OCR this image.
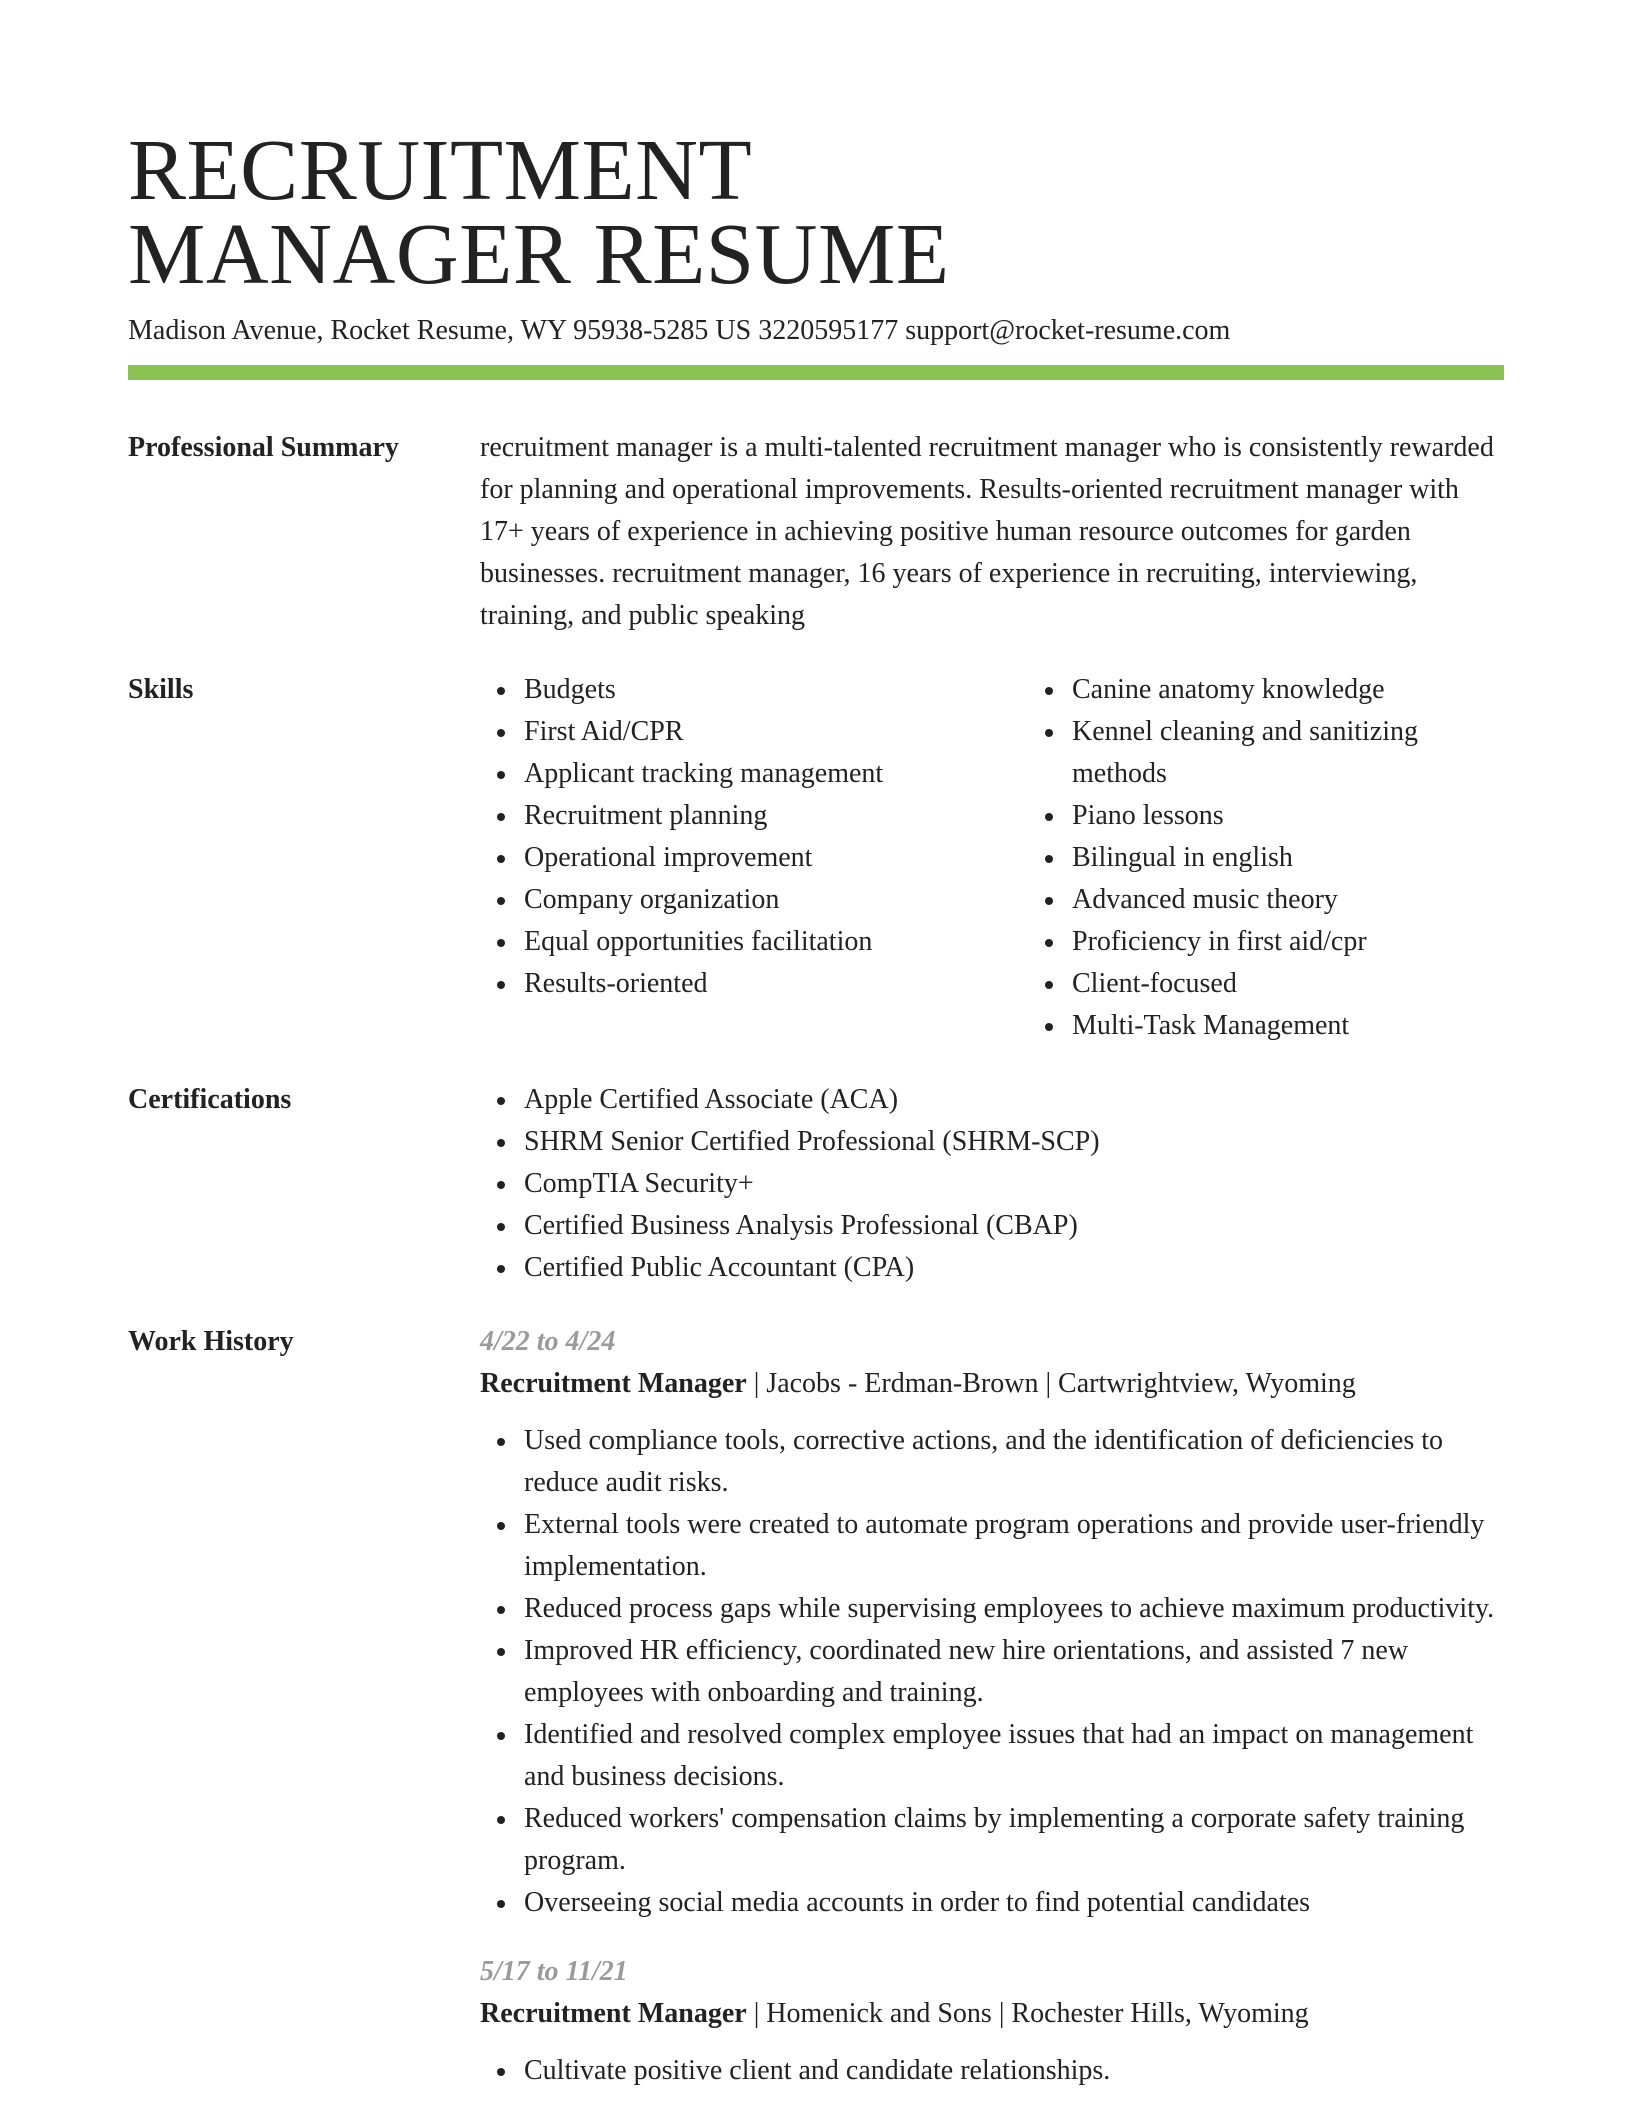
RECRUITMENT
MANAGER RESUME
Madison Avenue, Rocket Resume, WY 95938-5285 US 3220595177 support@rocket-resume.com
Professional Summary	recruitment manager is a multi-talented recruitment manager who is consistently rewarded for planning and operational improvements. Results-oriented recruitment manager with 17+ years of experience in achieving positive human resource outcomes for garden businesses. recruitment manager, 16 years of experience in recruiting, interviewing, training, and public speaking
Skills	Budgets
First Aid/CPR
Applicant tracking management
Recruitment planning
Operational improvement
Company organization
Equal opportunities facilitation
Results-oriented
Canine anatomy knowledge
Kennel cleaning and sanitizing methods
Piano lessons
Bilingual in english
Advanced music theory
Proficiency in first aid/cpr
Client-focused
Multi-Task Management
Certifications	Apple Certified Associate (ACA)
SHRM Senior Certified Professional (SHRM-SCP)
CompTIA Security+
Certified Business Analysis Professional (CBAP)
Certified Public Accountant (CPA)
Work History	4/22 to 4/24
Recruitment Manager | Jacobs - Erdman-Brown | Cartwrightview, Wyoming
Used compliance tools, corrective actions, and the identification of deficiencies to reduce audit risks.
External tools were created to automate program operations and provide user-friendly implementation.
Reduced process gaps while supervising employees to achieve maximum productivity.
Improved HR efficiency, coordinated new hire orientations, and assisted 7 new employees with onboarding and training.
Identified and resolved complex employee issues that had an impact on management and business decisions.
Reduced workers' compensation claims by implementing a corporate safety training program.
Overseeing social media accounts in order to find potential candidates
5/17 to 11/21
Recruitment Manager | Homenick and Sons | Rochester Hills, Wyoming
Cultivate positive client and candidate relationships.
